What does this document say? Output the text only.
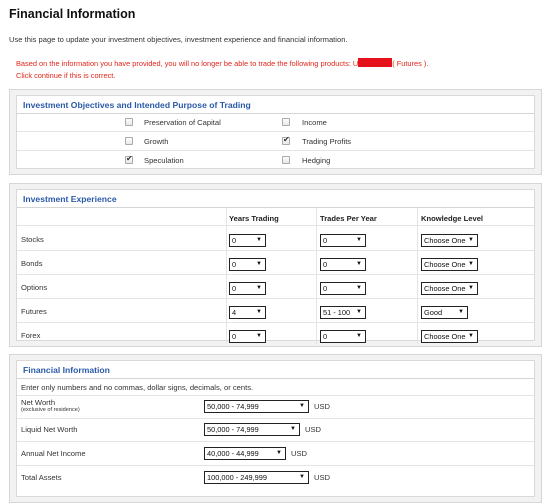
Financial Information
Use this page to update your investment objectives, investment experience and financial information.
Based on the information you have provided, you will no longer be able to trade the following products: U	( Futures ).
Click continue if this is correct.
Investment Objectives and Intended Purpose of Trading
Preservation of Capital	Income
Growth
✔	Trading Profits
✔
Speculation	Hedging
Investment Experience
Years Trading	Trades Per Year	Knowledge Level
Stocks	0	▼	0	▼	Choose One ▼
Bonds	0	▼	0	▼	Choose One ▼
Options	0	▼	0	▼	Choose One ▼
Futures	4	▼	51 - 100 ▼	Good	▼
Forex	0	▼	0	▼	Choose One ▼
Financial Information
Enter only numbers and no commas, dollar signs, decimals, or cents.
Net Worth
(exclusive of residence)	50,000 - 74,999	▼ USD
Liquid Net Worth	50,000 - 74,999	▼ USD
Annual Net Income	40,000 - 44,999	▼ USD
Total Assets	100,000 - 249,999	▼ USD
